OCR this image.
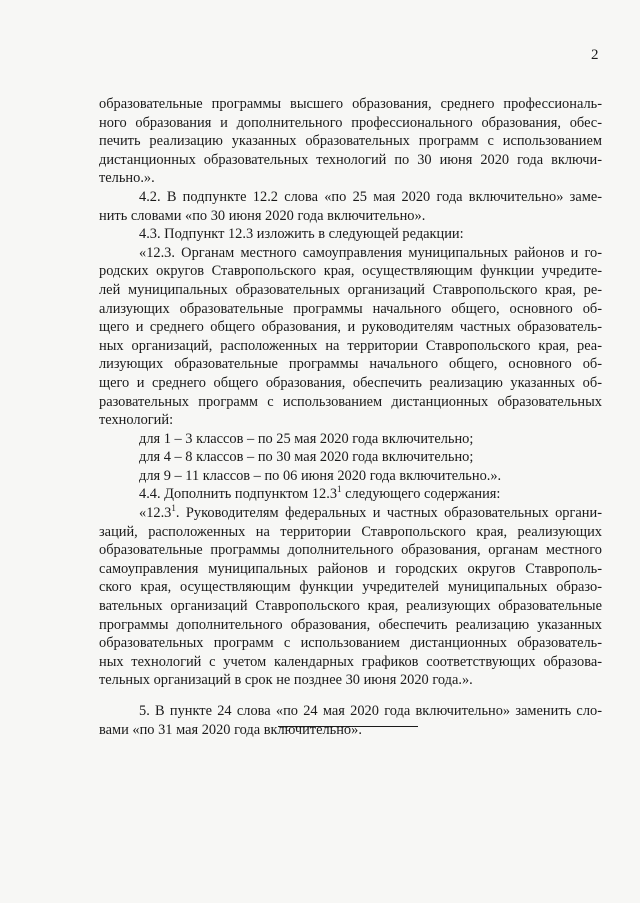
2
образовательные программы высшего образования, среднего профессиональ-
ного образования и дополнительного профессионального образования, обес-
печить реализацию указанных образовательных программ с использованием
дистанционных образовательных технологий по 30 июня 2020 года включи-
тельно.».
4.2. В подпункте 12.2 слова «по 25 мая 2020 года включительно» заме-
нить словами «по 30 июня 2020 года включительно».
4.3. Подпункт 12.3 изложить в следующей редакции:
«12.3. Органам местного самоуправления муниципальных районов и го-
родских округов Ставропольского края, осуществляющим функции учредите-
лей муниципальных образовательных организаций Ставропольского края, ре-
ализующих образовательные программы начального общего, основного об-
щего и среднего общего образования, и руководителям частных образователь-
ных организаций, расположенных на территории Ставропольского края, реа-
лизующих образовательные программы начального общего, основного об-
щего и среднего общего образования, обеспечить реализацию указанных об-
разовательных программ с использованием дистанционных образовательных
технологий:
для 1 – 3 классов – по 25 мая 2020 года включительно;
для 4 – 8 классов – по 30 мая 2020 года включительно;
для 9 – 11 классов – по 06 июня 2020 года включительно.».
4.4. Дополнить подпунктом 12.3$^1$ следующего содержания:
«12.3$^1$. Руководителям федеральных и частных образовательных органи-
заций, расположенных на территории Ставропольского края, реализующих
образовательные программы дополнительного образования, органам местного
самоуправления муниципальных районов и городских округов Ставрополь-
ского края, осуществляющим функции учредителей муниципальных образо-
вательных организаций Ставропольского края, реализующих образовательные
программы дополнительного образования, обеспечить реализацию указанных
образовательных программ с использованием дистанционных образователь-
ных технологий с учетом календарных графиков соответствующих образова-
тельных организаций в срок не позднее 30 июня 2020 года.».
5. В пункте 24 слова «по 24 мая 2020 года включительно» заменить сло-
вами «по 31 мая 2020 года включительно».
